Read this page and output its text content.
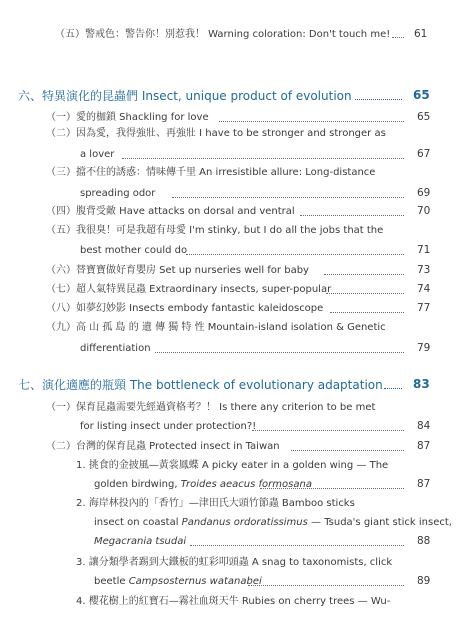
（五）警戒色：警告你！別惹我！ Warning coloration: Don't touch me! 61
六、特異演化的昆蟲們 Insect, unique product of evolution	65
（一）愛的枷鎖 Shackling for love	65
（二）因為愛，我得強壯、再強壯 I have to be stronger and stronger as
a lover	67
（三）擋不住的誘惑：情味傳千里 An irresistible allure: Long-distance
spreading odor	69
（四）腹背受敵 Have attacks on dorsal and ventral	70
（五）我很臭！可是我超有母愛 I'm stinky, but I do all the jobs that the
best mother could do	71
（六）替寶寶做好育嬰房 Set up nurseries well for baby	73
（七）超人氣特異昆蟲 Extraordinary insects, super-popular	74
（八）如夢幻妙影 Insects embody fantastic kaleidoscope	77
（九）高 山 孤 島 的 遺 傳 獨 特 性 Mountain-island isolation & Genetic
differentiation	79
七、演化適應的瓶頸 The bottleneck of evolutionary adaptation	83
（一）保育昆蟲需要先經過資格考？！ Is there any criterion to be met
for listing insect under protection?!	84
（二）台灣的保育昆蟲 Protected insect in Taiwan	87
1. 挑食的金披風—黃裳鳳蝶 A picky eater in a golden wing — The
golden birdwing, Troides aeacus formosana	87
2. 海岸林投內的「香竹」—津田氏大頭竹節蟲 Bamboo sticks
insect on coastal Pandanus ordoratissimus — Tsuda's giant stick insect,
Megacrania tsudai	88
3. 讓分類學者踢到大鐵板的虹彩叩頭蟲 A snag to taxonomists, click
beetle Campsosternus watanabei	89
4. 櫻花樹上的紅寶石—霧社血斑天牛 Rubies on cherry trees — Wu-
